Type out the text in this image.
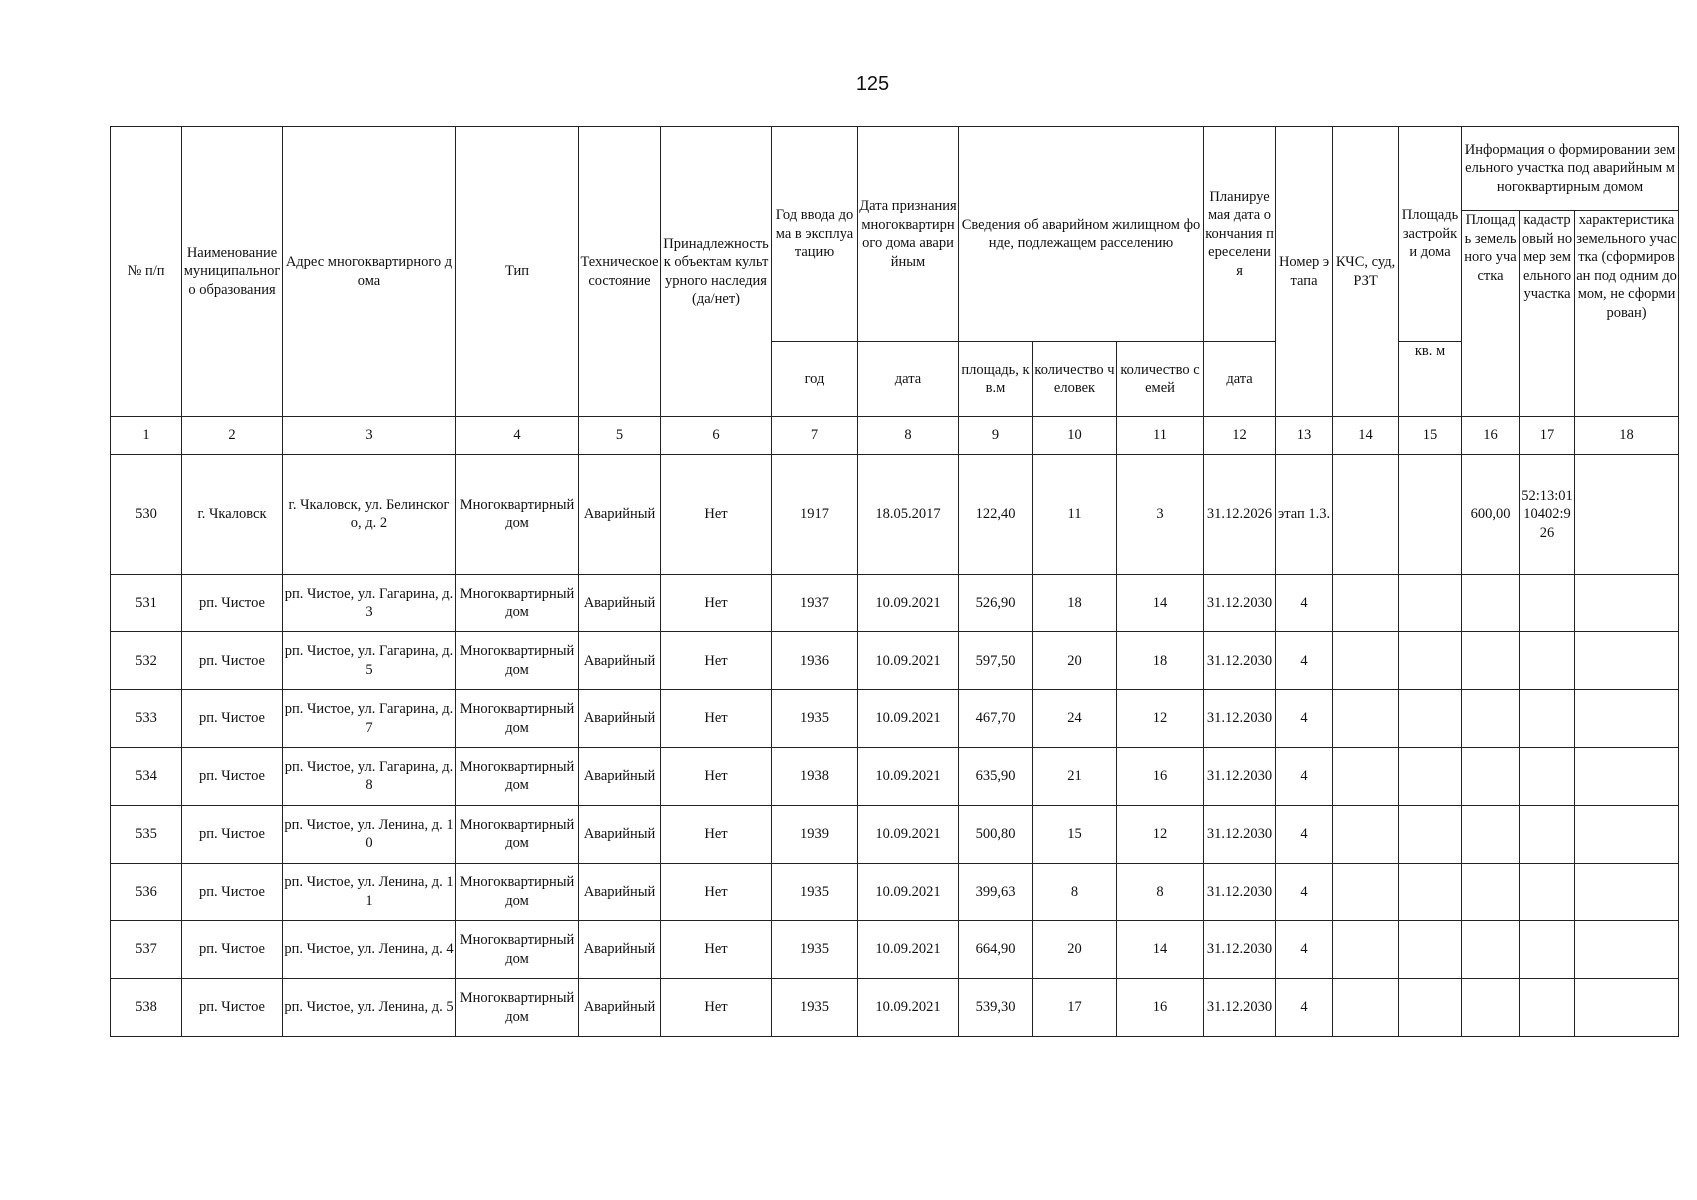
125
№ п/п	Наименование муниципального образования	Адрес многоквартирного дома	Тип	Техническое состояние	Принадлежность к объектам культурного наследия (да/нет)	Год ввода дома в эксплуатацию	Дата признания многоквартирного дома аварийным	Сведения об аварийном жилищном фонде, подлежащем расселению			Планируемая дата окончания переселения	Номер этапа	КЧС, суд, РЗТ	Площадь застройки дома	Информация о формировании земельного участка под аварийным многоквартирным домом		
															Площадь земельного участка	кадастровый номер земельного участка	характеристика земельного участка (сформирован под одним домом, не сформирован)
						год	дата	площадь, кв.м	количество человек	количество семей	дата			кв. м			
1	2	3	4	5	6	7	8	9	10	11	12	13	14	15	16	17	18
530	г. Чкаловск	г. Чкаловск, ул. Белинского, д. 2	Многоквартирный дом	Аварийный	Нет	1917	18.05.2017	122,40	11	3	31.12.2026	этап 1.3.			600,00	52:13:0110402:926	
531	рп. Чистое	рп. Чистое, ул. Гагарина, д. 3	Многоквартирный дом	Аварийный	Нет	1937	10.09.2021	526,90	18	14	31.12.2030	4					
532	рп. Чистое	рп. Чистое, ул. Гагарина, д. 5	Многоквартирный дом	Аварийный	Нет	1936	10.09.2021	597,50	20	18	31.12.2030	4					
533	рп. Чистое	рп. Чистое, ул. Гагарина, д. 7	Многоквартирный дом	Аварийный	Нет	1935	10.09.2021	467,70	24	12	31.12.2030	4					
534	рп. Чистое	рп. Чистое, ул. Гагарина, д. 8	Многоквартирный дом	Аварийный	Нет	1938	10.09.2021	635,90	21	16	31.12.2030	4					
535	рп. Чистое	рп. Чистое, ул. Ленина, д. 10	Многоквартирный дом	Аварийный	Нет	1939	10.09.2021	500,80	15	12	31.12.2030	4					
536	рп. Чистое	рп. Чистое, ул. Ленина, д. 11	Многоквартирный дом	Аварийный	Нет	1935	10.09.2021	399,63	8	8	31.12.2030	4					
537	рп. Чистое	рп. Чистое, ул. Ленина, д. 4	Многоквартирный дом	Аварийный	Нет	1935	10.09.2021	664,90	20	14	31.12.2030	4					
538	рп. Чистое	рп. Чистое, ул. Ленина, д. 5	Многоквартирный дом	Аварийный	Нет	1935	10.09.2021	539,30	17	16	31.12.2030	4					
